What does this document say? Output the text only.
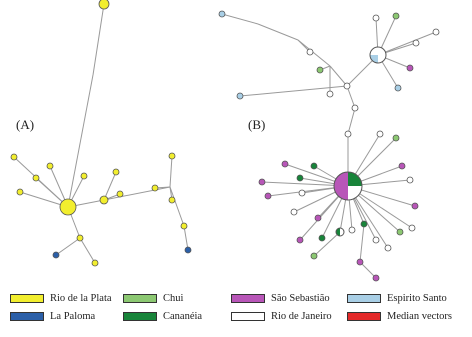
(A)	(B)
Rio de la Plata
La Paloma
Chui
Cananéia
São Sebastião
Rio de Janeiro
Espirito Santo
Median vectors
